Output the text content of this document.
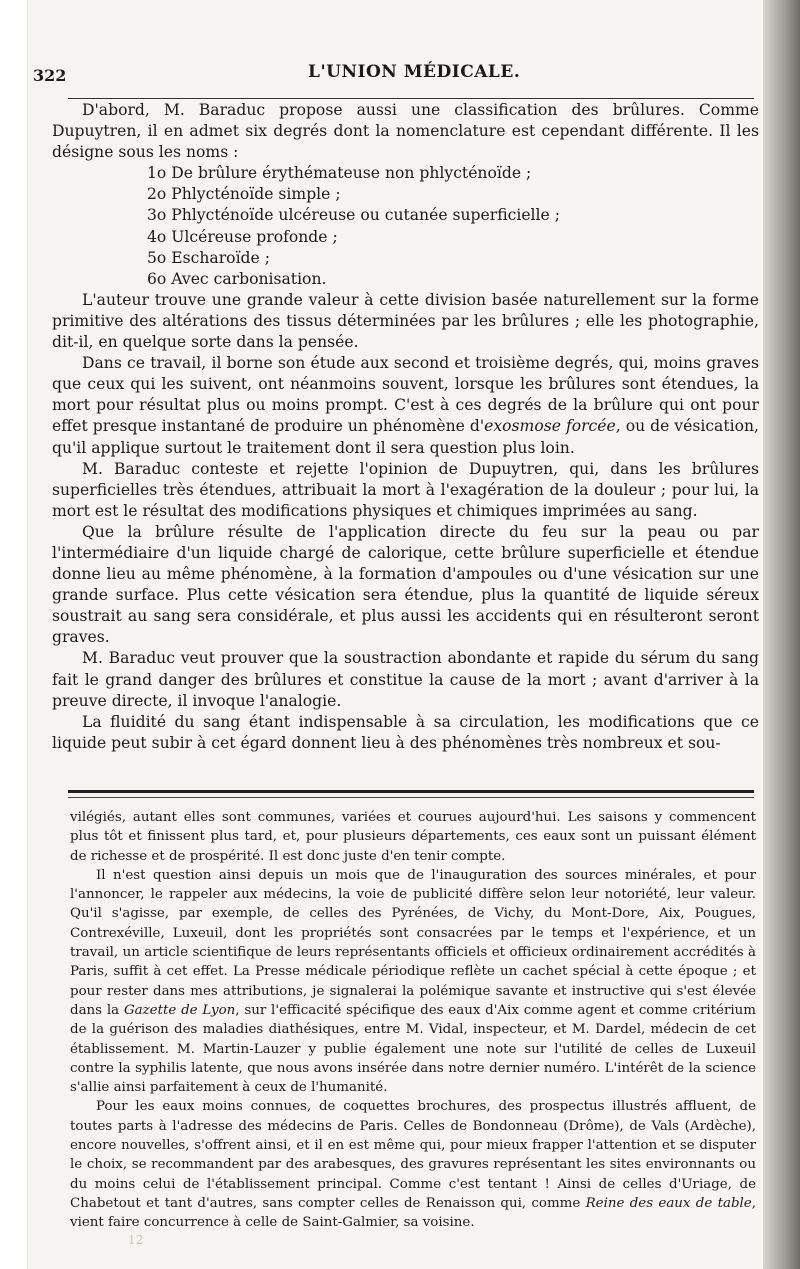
322	L'UNION MÉDICALE.

D'abord, M. Baraduc propose aussi une classification des brûlures. Comme Dupuytren, il en admet six degrés dont la nomenclature est cependant différente. Il les désigne sous les noms :

1o De brûlure érythémateuse non phlycténoïde ;
2o Phlycténoïde simple ;
3o Phlycténoïde ulcéreuse ou cutanée superficielle ;
4o Ulcéreuse profonde ;
5o Escharoïde ;
6o Avec carbonisation.

L'auteur trouve une grande valeur à cette division basée naturellement sur la forme primitive des altérations des tissus déterminées par les brûlures ; elle les photographie, dit-il, en quelque sorte dans la pensée.

Dans ce travail, il borne son étude aux second et troisième degrés, qui, moins graves que ceux qui les suivent, ont néanmoins souvent, lorsque les brûlures sont étendues, la mort pour résultat plus ou moins prompt. C'est à ces degrés de la brûlure qui ont pour effet presque instantané de produire un phénomène d'exosmose forcée, ou de vésication, qu'il applique surtout le traitement dont il sera question plus loin.

M. Baraduc conteste et rejette l'opinion de Dupuytren, qui, dans les brûlures superficielles très étendues, attribuait la mort à l'exagération de la douleur ; pour lui, la mort est le résultat des modifications physiques et chimiques imprimées au sang.

Que la brûlure résulte de l'application directe du feu sur la peau ou par l'intermédiaire d'un liquide chargé de calorique, cette brûlure superficielle et étendue donne lieu au même phénomène, à la formation d'ampoules ou d'une vésication sur une grande surface. Plus cette vésication sera étendue, plus la quantité de liquide séreux soustrait au sang sera considérale, et plus aussi les accidents qui en résulteront seront graves.

M. Baraduc veut prouver que la soustraction abondante et rapide du sérum du sang fait le grand danger des brûlures et constitue la cause de la mort ; avant d'arriver à la preuve directe, il invoque l'analogie.

La fluidité du sang étant indispensable à sa circulation, les modifications que ce liquide peut subir à cet égard donnent lieu à des phénomènes très nombreux et sou-

vilégiés, autant elles sont communes, variées et courues aujourd'hui. Les saisons y commencent plus tôt et finissent plus tard, et, pour plusieurs départements, ces eaux sont un puissant élément de richesse et de prospérité. Il est donc juste d'en tenir compte.

Il n'est question ainsi depuis un mois que de l'inauguration des sources minérales, et pour l'annoncer, le rappeler aux médecins, la voie de publicité diffère selon leur notoriété, leur valeur. Qu'il s'agisse, par exemple, de celles des Pyrénées, de Vichy, du Mont-Dore, Aix, Pougues, Contrexéville, Luxeuil, dont les propriétés sont consacrées par le temps et l'expérience, et un travail, un article scientifique de leurs représentants officiels et officieux ordinairement accrédités à Paris, suffit à cet effet. La Presse médicale périodique reflète un cachet spécial à cette époque ; et pour rester dans mes attributions, je signalerai la polémique savante et instructive qui s'est élevée dans la Gazette de Lyon, sur l'efficacité spécifique des eaux d'Aix comme agent et comme critérium de la guérison des maladies diathésiques, entre M. Vidal, inspecteur, et M. Dardel, médecin de cet établissement. M. Martin-Lauzer y publie également une note sur l'utilité de celles de Luxeuil contre la syphilis latente, que nous avons insérée dans notre dernier numéro. L'intérêt de la science s'allie ainsi parfaitement à ceux de l'humanité.

Pour les eaux moins connues, de coquettes brochures, des prospectus illustrés affluent, de toutes parts à l'adresse des médecins de Paris. Celles de Bondonneau (Drôme), de Vals (Ardèche), encore nouvelles, s'offrent ainsi, et il en est même qui, pour mieux frapper l'attention et se disputer le choix, se recommandent par des arabesques, des gravures représentant les sites environnants ou du moins celui de l'établissement principal. Comme c'est tentant ! Ainsi de celles d'Uriage, de Chabetout et tant d'autres, sans compter celles de Renaisson qui, comme Reine des eaux de table, vient faire concurrence à celle de Saint-Galmier, sa voisine.

12
